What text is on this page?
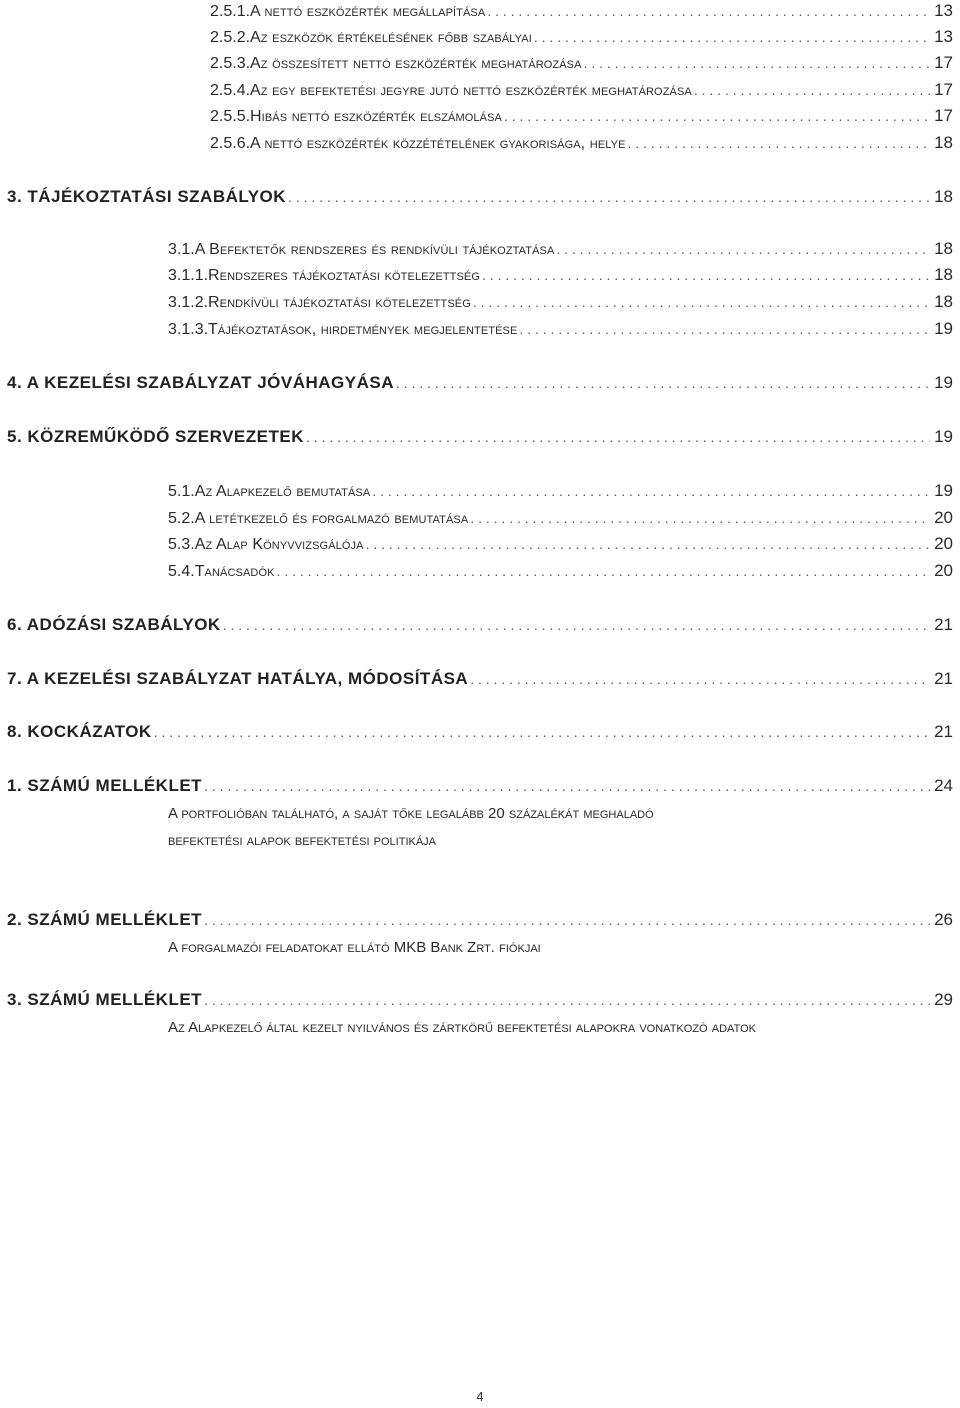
2.5.1. A nettó eszközérték megállapítása . . .	13
2.5.2. Az eszközök értékelésének főbb szabályai . . .	13
2.5.3. Az összesített nettó eszközérték meghatározása . . .	17
2.5.4. Az egy befektetési jegyre jutó nettó eszközérték meghatározása . . .	17
2.5.5. Hibás nettó eszközérték elszámolása . . .	17
2.5.6. A nettó eszközérték közzétételének gyakorisága, helye . . .	18
3. TÁJÉKOZTATÁSI SZABÁLYOK . . .	18
3.1. A Befektetők rendszeres és rendkívüli tájékoztatása . . .	18
3.1.1. Rendszeres tájékoztatási kötelezettség . . .	18
3.1.2. Rendkívüli tájékoztatási kötelezettség . . .	18
3.1.3. Tájékoztatások, hirdetmények megjelentetése . . .	19
4. A KEZELÉSI SZABÁLYZAT JÓVÁHAGYÁSA . . .	19
5. KÖZREMŰKÖDŐ SZERVEZETEK . . .	19
5.1. Az Alapkezelő bemutatása . . .	19
5.2. A letétkezelő és forgalmazó bemutatása . . .	20
5.3. Az Alap Könyvvizsgálója . . .	20
5.4. Tanácsadók . . .	20
6. ADÓZÁSI SZABÁLYOK . . .	21
7. A KEZELÉSI SZABÁLYZAT HATÁLYA, MÓDOSÍTÁSA . . .	21
8. KOCKÁZATOK . . .	21
1. SZÁMÚ MELLÉKLET . . .	24
A portfolióban található, a saját tőke legalább 20 százalékát meghaladó
befektetési alapok befektetési politikája
2. SZÁMÚ MELLÉKLET . . .	26
A forgalmazói feladatokat ellátó MKB Bank Zrt. fiókjai
3. SZÁMÚ MELLÉKLET . . .	29
Az Alapkezelő által kezelt nyilvános és zártkörű befektetési alapokra vonatkozó adatok
4
